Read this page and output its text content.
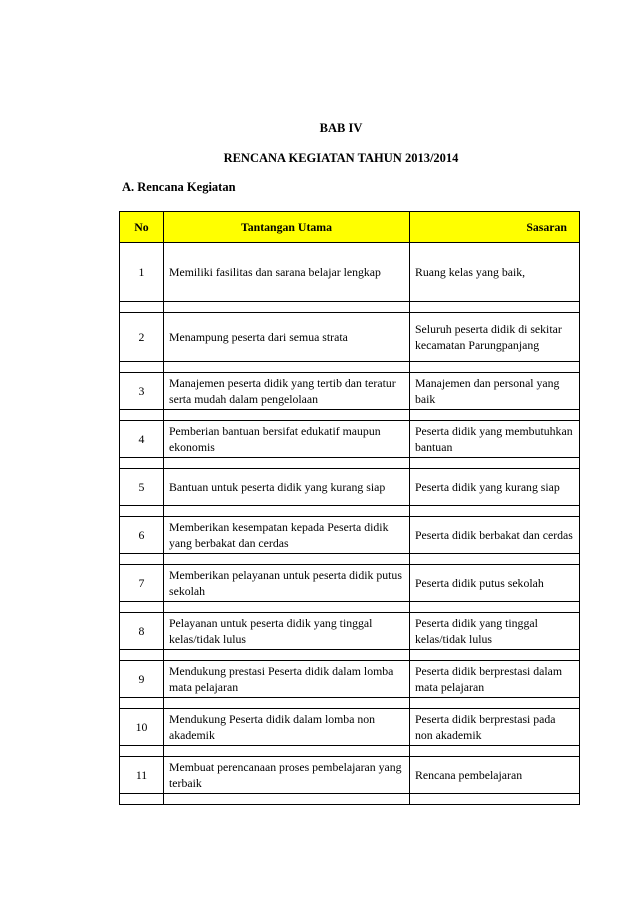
BAB IV
RENCANA KEGIATAN TAHUN 2013/2014
A. Rencana Kegiatan
No	Tantangan Utama	Sasaran
1	Memiliki fasilitas dan sarana belajar lengkap	Ruang kelas yang baik,

2	Menampung peserta dari semua strata	Seluruh peserta didik di sekitar kecamatan Parungpanjang

3	Manajemen peserta didik yang tertib dan teratur serta mudah dalam pengelolaan	Manajemen dan personal yang baik

4	Pemberian bantuan bersifat edukatif maupun ekonomis	Peserta didik yang membutuhkan bantuan

5	Bantuan untuk peserta didik yang kurang siap	Peserta didik yang kurang siap

6	Memberikan kesempatan kepada Peserta didik yang berbakat dan cerdas	Peserta didik berbakat dan cerdas

7	Memberikan pelayanan untuk peserta didik putus sekolah	Peserta didik putus sekolah

8	Pelayanan untuk peserta didik yang tinggal kelas/tidak lulus	Peserta didik yang tinggal kelas/tidak lulus

9	Mendukung prestasi Peserta didik dalam lomba mata pelajaran	Peserta didik berprestasi dalam mata pelajaran

10	Mendukung Peserta didik dalam lomba non akademik	Peserta didik berprestasi pada non akademik

11	Membuat perencanaan proses pembelajaran yang terbaik	Rencana pembelajaran
